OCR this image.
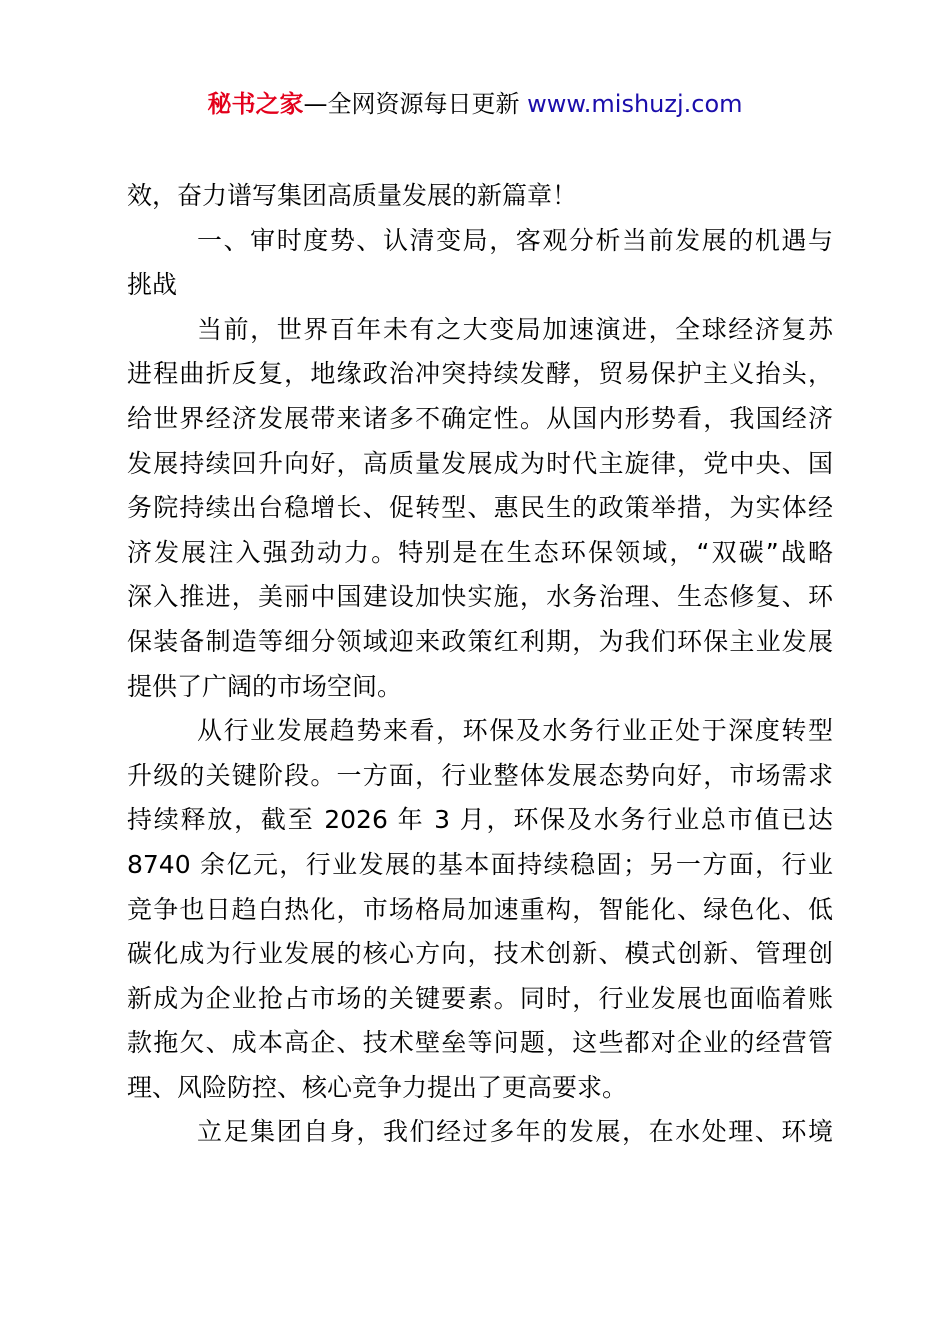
秘书之家—全网资源每日更新 www.mishuzj.com
效，奋力谱写集团高质量发展的新篇章！
一、审时度势、认清变局，客观分析当前发展的机遇与
挑战
当前，世界百年未有之大变局加速演进，全球经济复苏
进程曲折反复，地缘政治冲突持续发酵，贸易保护主义抬头，
给世界经济发展带来诸多不确定性。从国内形势看，我国经济
发展持续回升向好，高质量发展成为时代主旋律，党中央、国
务院持续出台稳增长、促转型、惠民生的政策举措，为实体经
济发展注入强劲动力。特别是在生态环保领域，“双碳”战略
深入推进，美丽中国建设加快实施，水务治理、生态修复、环
保装备制造等细分领域迎来政策红利期，为我们环保主业发展
提供了广阔的市场空间。
从行业发展趋势来看，环保及水务行业正处于深度转型
升级的关键阶段。一方面，行业整体发展态势向好，市场需求
持续释放，截至 2026 年 3 月，环保及水务行业总市值已达
8740 余亿元，行业发展的基本面持续稳固；另一方面，行业
竞争也日趋白热化，市场格局加速重构，智能化、绿色化、低
碳化成为行业发展的核心方向，技术创新、模式创新、管理创
新成为企业抢占市场的关键要素。同时，行业发展也面临着账
款拖欠、成本高企、技术壁垒等问题，这些都对企业的经营管
理、风险防控、核心竞争力提出了更高要求。
立足集团自身，我们经过多年的发展，在水处理、环境
